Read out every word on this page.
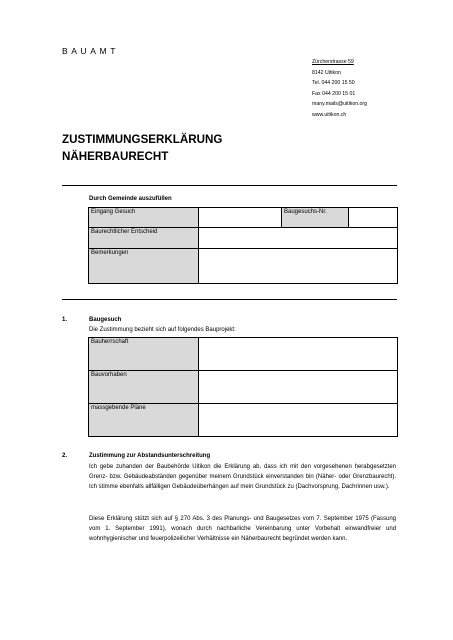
BAUAMT
Zürcherstrasse 59
8142 Uitikon
Tel. 044 200 15 50
Fax 044 200 15 01
many.mails@uitikon.org
www.uitikon.ch
ZUSTIMMUNGSERKLÄRUNG
NÄHERBAURECHT
Durch Gemeinde auszufüllen
Eingang Gesuch		Baugesuchs-Nr.	
Baurechtlicher Entscheid			
Bemerkungen			
1.	Baugesuch
Die Zustimmung bezieht sich auf folgendes Bauprojekt:
Bauherrschaft	
Bauvorhaben	
massgebende Pläne	
2.	Zustimmung zur Abstandsunterschreitung
Ich gebe zuhanden der Baubehörde Uitikon die Erklärung ab, dass ich mit den vorgesehenen herabgesetzten Grenz- bzw. Gebäudeabständen gegenüber meinem Grundstück einverstanden bin (Näher- oder Grenzbaurecht). Ich stimme ebenfalls allfälligen Gebäudeüberhängen auf mein Grundstück zu (Dachvorsprung, Dachrinnen usw.).
Diese Erklärung stützt sich auf § 270 Abs. 3 des Planungs- und Baugesetzes vom 7. September 1975 (Fassung vom 1. September 1991), wonach durch nachbarliche Vereinbarung unter Vorbehalt einwandfreier und wohnhygienischer und feuerpolizeilicher Verhältnisse ein Näherbaurecht begründet werden kann.
